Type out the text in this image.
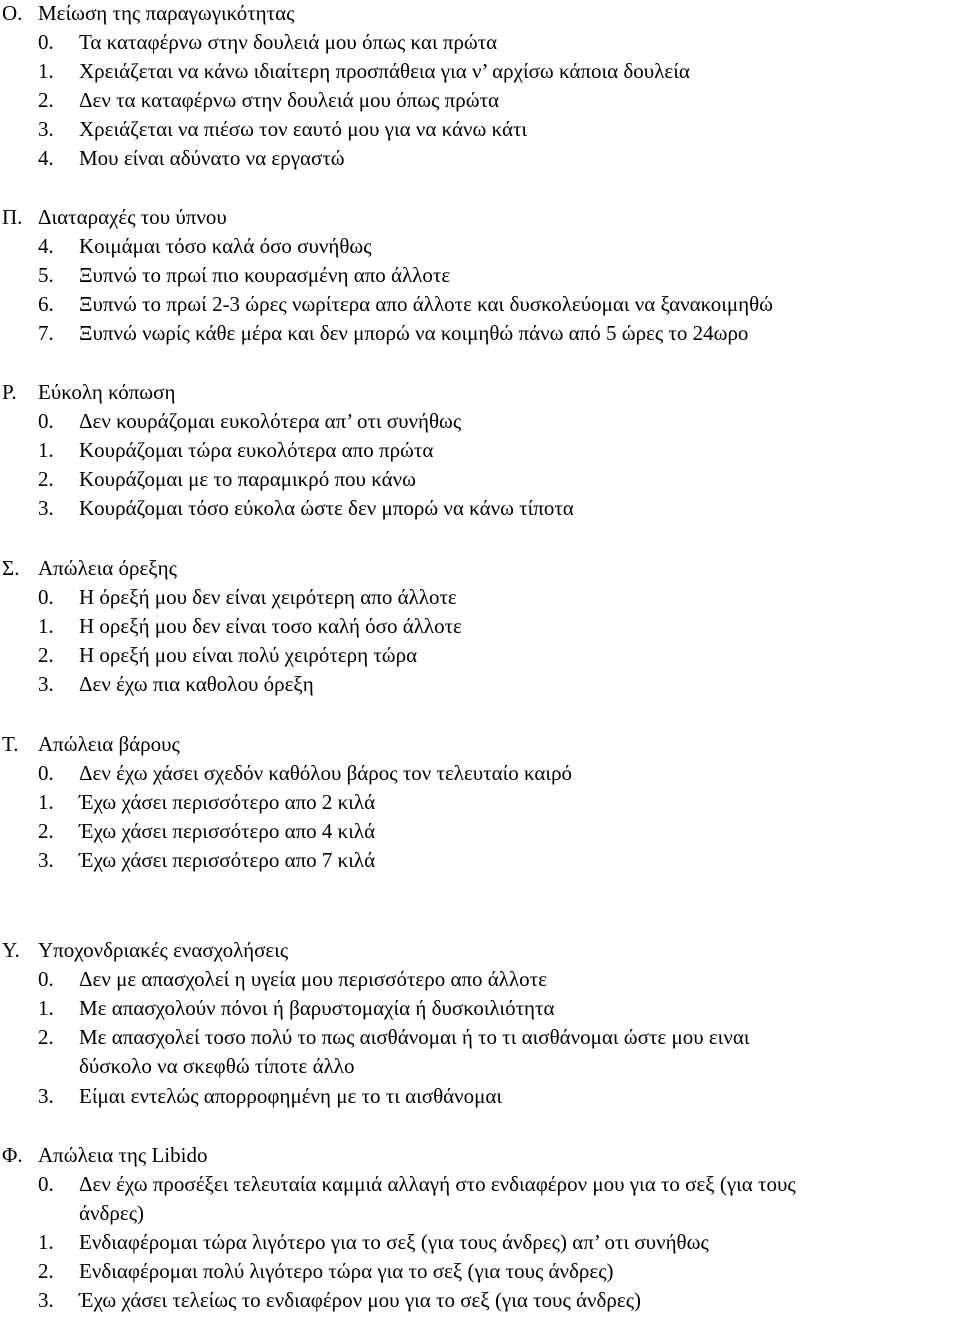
Ο. Μείωση της παραγωγικότητας
0. Τα καταφέρνω στην δουλειά μου όπως και πρώτα
1. Χρειάζεται να κάνω ιδιαίτερη προσπάθεια για ν’ αρχίσω κάποια δουλεία
2. Δεν τα καταφέρνω στην δουλειά μου όπως πρώτα
3. Χρειάζεται να πιέσω τον εαυτό μου για να κάνω κάτι
4. Μου είναι αδύνατο να εργαστώ
Π. Διαταραχές του ύπνου
4. Κοιμάμαι τόσο καλά όσο συνήθως
5. Ξυπνώ το πρωί πιο κουρασμένη απο άλλοτε
6. Ξυπνώ το πρωί 2-3 ώρες νωρίτερα απο άλλοτε και δυσκολεύομαι να ξανακοιμηθώ
7. Ξυπνώ νωρίς κάθε μέρα και δεν μπορώ να κοιμηθώ πάνω από 5 ώρες το 24ωρο
Ρ. Εύκολη κόπωση
0. Δεν κουράζομαι ευκολότερα απ’ οτι συνήθως
1. Κουράζομαι τώρα ευκολότερα απο πρώτα
2. Κουράζομαι με το παραμικρό που κάνω
3. Κουράζομαι τόσο εύκολα ώστε δεν μπορώ να κάνω τίποτα
Σ. Απώλεια όρεξης
0. Η όρεξή μου δεν είναι χειρότερη απο άλλοτε
1. Η ορεξή μου δεν είναι τοσο καλή όσο άλλοτε
2. Η ορεξή μου είναι πολύ χειρότερη τώρα
3. Δεν έχω πια καθολου όρεξη
Τ. Απώλεια βάρους
0. Δεν έχω χάσει σχεδόν καθόλου βάρος τον τελευταίο καιρό
1. Έχω χάσει περισσότερο απο 2 κιλά
2. Έχω χάσει περισσότερο απο 4 κιλά
3. Έχω χάσει περισσότερο απο 7 κιλά
Υ. Υποχονδριακές ενασχολήσεις
0. Δεν με απασχολεί η υγεία μου περισσότερο απο άλλοτε
1. Με απασχολούν πόνοι ή βαρυστομαχία ή δυσκοιλιότητα
2. Με απασχολεί τοσο πολύ το πως αισθάνομαι ή το τι αισθάνομαι ώστε μου ειναι
δύσκολο να σκεφθώ τίποτε άλλο
3. Είμαι εντελώς απορροφημένη με το τι αισθάνομαι
Φ. Απώλεια της Libido
0. Δεν έχω προσέξει τελευταία καμμιά αλλαγή στο ενδιαφέρον μου για το σεξ (για τους
άνδρες)
1. Ενδιαφέρομαι τώρα λιγότερο για το σεξ (για τους άνδρες) απ’ οτι συνήθως
2. Ενδιαφέρομαι πολύ λιγότερο τώρα για το σεξ (για τους άνδρες)
3. Έχω χάσει τελείως το ενδιαφέρον μου για το σεξ (για τους άνδρες)
